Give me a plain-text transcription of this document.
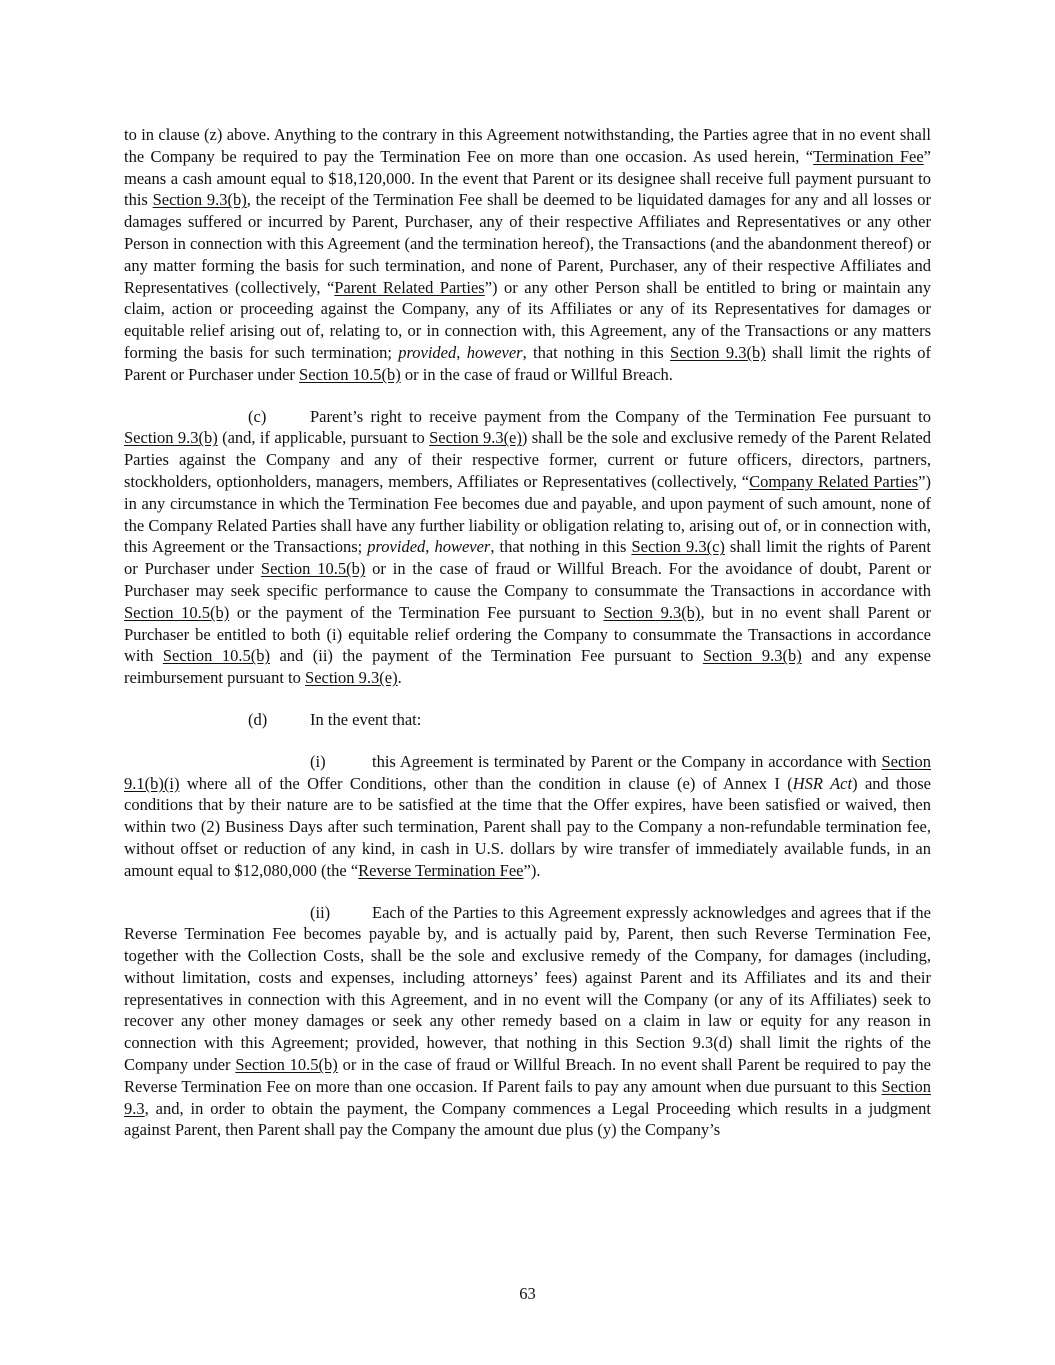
to in clause (z) above. Anything to the contrary in this Agreement notwithstanding, the Parties agree that in no event shall the Company be required to pay the Termination Fee on more than one occasion. As used herein, “Termination Fee” means a cash amount equal to $18,120,000. In the event that Parent or its designee shall receive full payment pursuant to this Section 9.3(b), the receipt of the Termination Fee shall be deemed to be liquidated damages for any and all losses or damages suffered or incurred by Parent, Purchaser, any of their respective Affiliates and Representatives or any other Person in connection with this Agreement (and the termination hereof), the Transactions (and the abandonment thereof) or any matter forming the basis for such termination, and none of Parent, Purchaser, any of their respective Affiliates and Representatives (collectively, “Parent Related Parties”) or any other Person shall be entitled to bring or maintain any claim, action or proceeding against the Company, any of its Affiliates or any of its Representatives for damages or equitable relief arising out of, relating to, or in connection with, this Agreement, any of the Transactions or any matters forming the basis for such termination; provided, however, that nothing in this Section 9.3(b) shall limit the rights of Parent or Purchaser under Section 10.5(b) or in the case of fraud or Willful Breach.

(c)	Parent’s right to receive payment from the Company of the Termination Fee pursuant to Section 9.3(b) (and, if applicable, pursuant to Section 9.3(e)) shall be the sole and exclusive remedy of the Parent Related Parties against the Company and any of their respective former, current or future officers, directors, partners, stockholders, optionholders, managers, members, Affiliates or Representatives (collectively, “Company Related Parties”) in any circumstance in which the Termination Fee becomes due and payable, and upon payment of such amount, none of the Company Related Parties shall have any further liability or obligation relating to, arising out of, or in connection with, this Agreement or the Transactions; provided, however, that nothing in this Section 9.3(c) shall limit the rights of Parent or Purchaser under Section 10.5(b) or in the case of fraud or Willful Breach. For the avoidance of doubt, Parent or Purchaser may seek specific performance to cause the Company to consummate the Transactions in accordance with Section 10.5(b) or the payment of the Termination Fee pursuant to Section 9.3(b), but in no event shall Parent or Purchaser be entitled to both (i) equitable relief ordering the Company to consummate the Transactions in accordance with Section 10.5(b) and (ii) the payment of the Termination Fee pursuant to Section 9.3(b) and any expense reimbursement pursuant to Section 9.3(e).

(d)	In the event that:

(i)	this Agreement is terminated by Parent or the Company in accordance with Section 9.1(b)(i) where all of the Offer Conditions, other than the condition in clause (e) of Annex I (HSR Act) and those conditions that by their nature are to be satisfied at the time that the Offer expires, have been satisfied or waived, then within two (2) Business Days after such termination, Parent shall pay to the Company a non-refundable termination fee, without offset or reduction of any kind, in cash in U.S. dollars by wire transfer of immediately available funds, in an amount equal to $12,080,000 (the “Reverse Termination Fee”).

(ii)	Each of the Parties to this Agreement expressly acknowledges and agrees that if the Reverse Termination Fee becomes payable by, and is actually paid by, Parent, then such Reverse Termination Fee, together with the Collection Costs, shall be the sole and exclusive remedy of the Company, for damages (including, without limitation, costs and expenses, including attorneys’ fees) against Parent and its Affiliates and its and their representatives in connection with this Agreement, and in no event will the Company (or any of its Affiliates) seek to recover any other money damages or seek any other remedy based on a claim in law or equity for any reason in connection with this Agreement; provided, however, that nothing in this Section 9.3(d) shall limit the rights of the Company under Section 10.5(b) or in the case of fraud or Willful Breach. In no event shall Parent be required to pay the Reverse Termination Fee on more than one occasion. If Parent fails to pay any amount when due pursuant to this Section 9.3, and, in order to obtain the payment, the Company commences a Legal Proceeding which results in a judgment against Parent, then Parent shall pay the Company the amount due plus (y) the Company’s

63
